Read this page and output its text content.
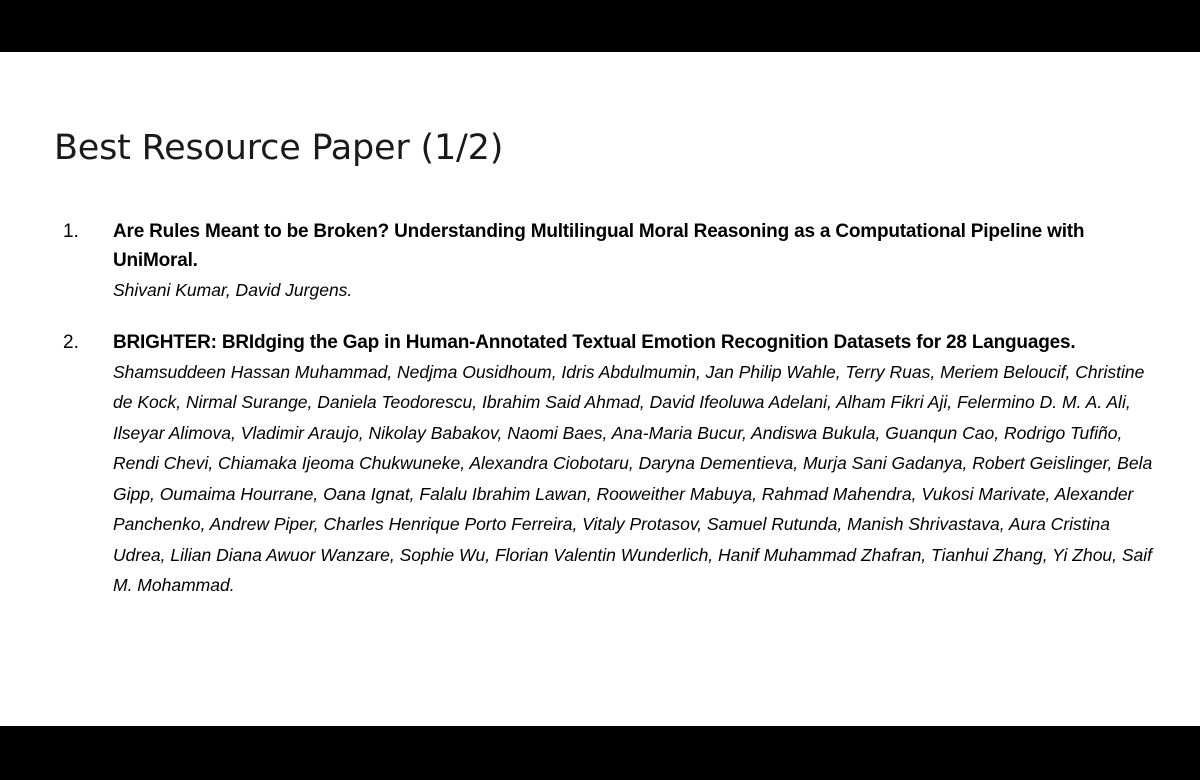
Best Resource Paper (1/2)
1. Are Rules Meant to be Broken? Understanding Multilingual Moral Reasoning as a Computational Pipeline with UniMoral.
Shivani Kumar, David Jurgens.
2. BRIGHTER: BRIdging the Gap in Human-Annotated Textual Emotion Recognition Datasets for 28 Languages.
Shamsuddeen Hassan Muhammad, Nedjma Ousidhoum, Idris Abdulmumin, Jan Philip Wahle, Terry Ruas, Meriem Beloucif, Christine de Kock, Nirmal Surange, Daniela Teodorescu, Ibrahim Said Ahmad, David Ifeoluwa Adelani, Alham Fikri Aji, Felermino D. M. A. Ali, Ilseyar Alimova, Vladimir Araujo, Nikolay Babakov, Naomi Baes, Ana-Maria Bucur, Andiswa Bukula, Guanqun Cao, Rodrigo Tufiño, Rendi Chevi, Chiamaka Ijeoma Chukwuneke, Alexandra Ciobotaru, Daryna Dementieva, Murja Sani Gadanya, Robert Geislinger, Bela Gipp, Oumaima Hourrane, Oana Ignat, Falalu Ibrahim Lawan, Rooweither Mabuya, Rahmad Mahendra, Vukosi Marivate, Alexander Panchenko, Andrew Piper, Charles Henrique Porto Ferreira, Vitaly Protasov, Samuel Rutunda, Manish Shrivastava, Aura Cristina Udrea, Lilian Diana Awuor Wanzare, Sophie Wu, Florian Valentin Wunderlich, Hanif Muhammad Zhafran, Tianhui Zhang, Yi Zhou, Saif M. Mohammad.
